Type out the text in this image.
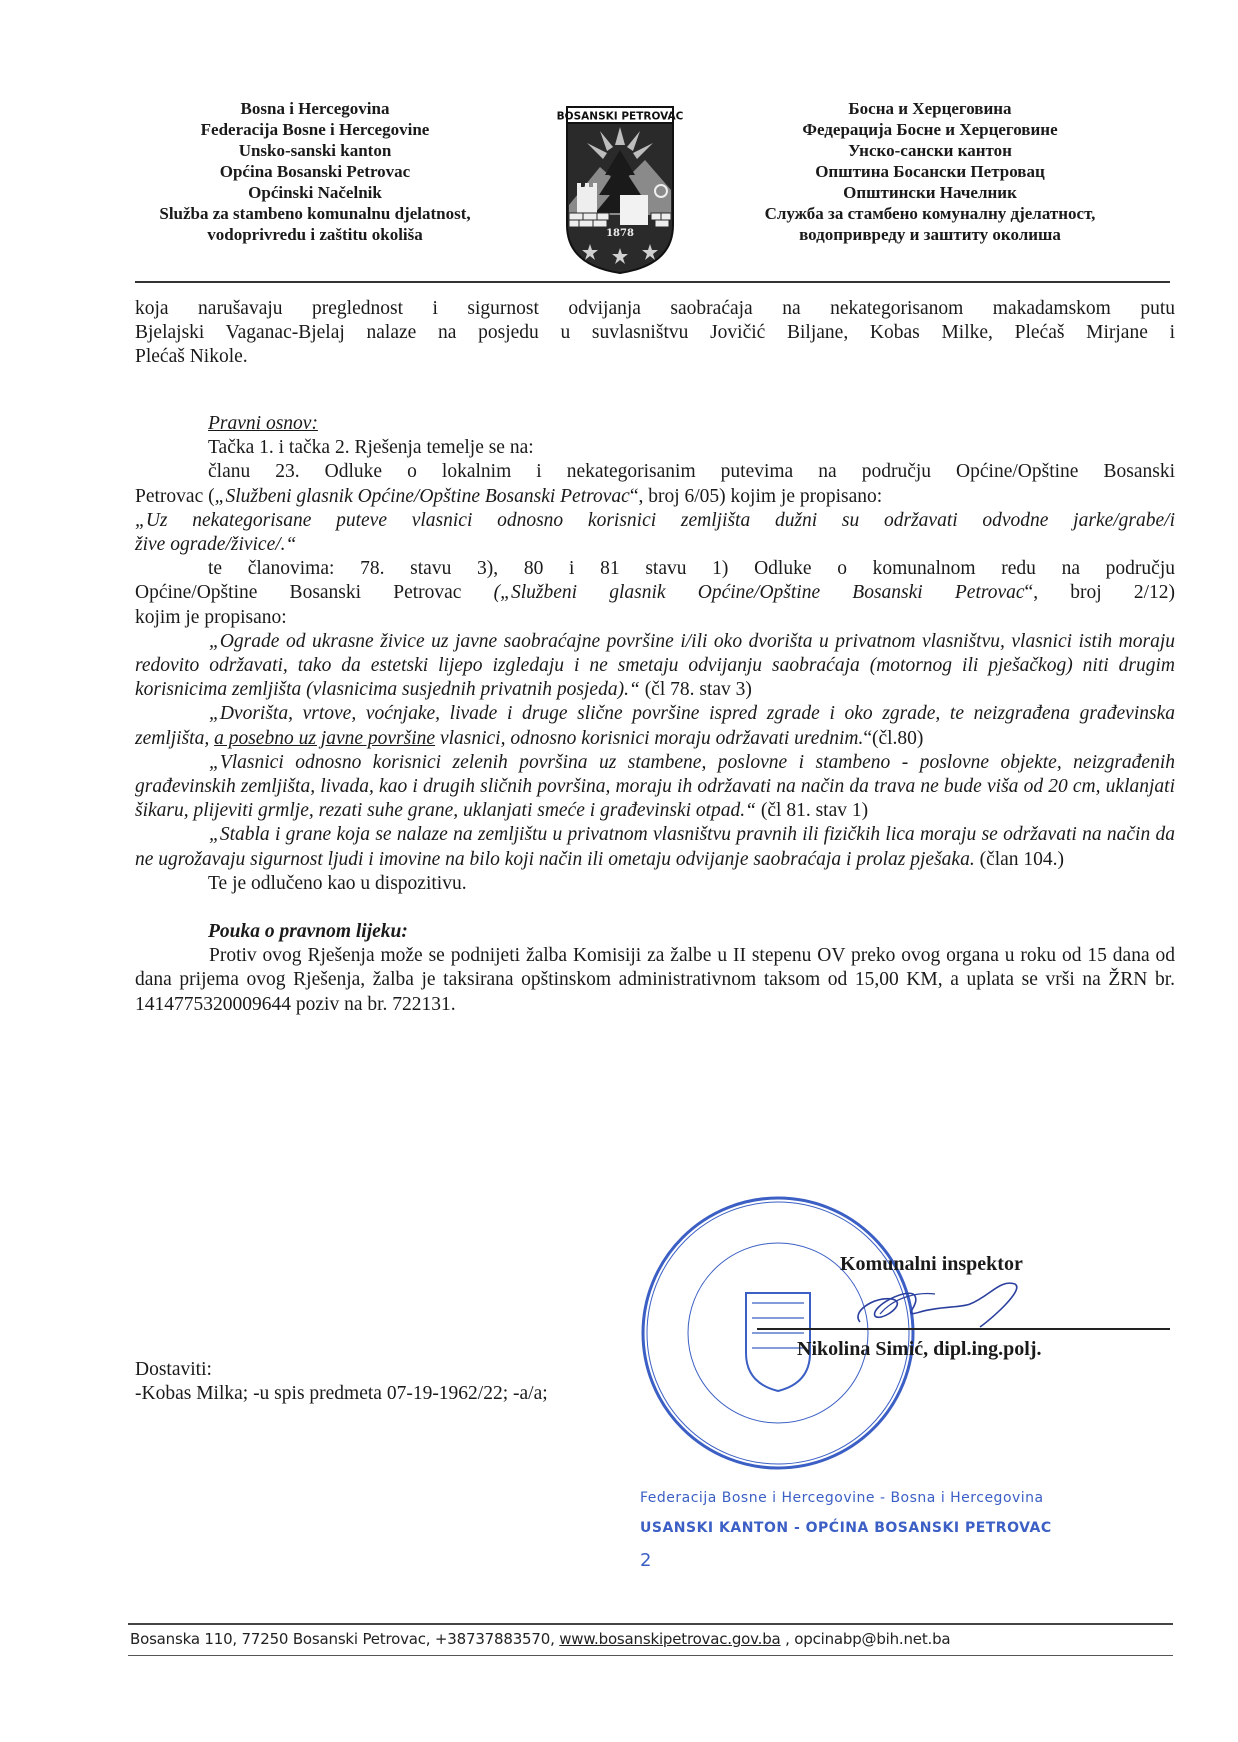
Bosna i Hercegovina
Federacija Bosne i Hercegovine
Unsko-sanski kanton
Općina Bosanski Petrovac
Općinski Načelnik
Služba za stambeno komunalnu djelatnost,
vodoprivredu i zaštitu okoliša
BOSANSKI PETROVAC
1878
Босна и Херцеговина
Федерација Босне и Херцеговине
Унско-сански кантон
Општина Босански Петровац
Општински Начелник
Служба за стамбено комуналну дјелатност,
водопривреду и заштиту околиша
koja narušavaju preglednost i sigurnost odvijanja saobraćaja na nekategorisanom makadamskom putu
Bjelajski Vaganac-Bjelaj nalaze na posjedu u suvlasništvu Jovičić Biljane, Kobas Milke, Plećaš Mirjane i
Plećaš Nikole.
Pravni osnov:
Tačka 1. i tačka 2. Rješenja temelje se na:
članu 23. Odluke o lokalnim i nekategorisanim putevima na području Općine/Opštine Bosanski
Petrovac („Službeni glasnik Općine/Opštine Bosanski Petrovac“, broj 6/05) kojim je propisano:
„Uz nekategorisane puteve vlasnici odnosno korisnici zemljišta dužni su održavati odvodne jarke/grabe/i
žive ograde/živice/.“
te članovima: 78. stavu 3), 80 i 81 stavu 1) Odluke o komunalnom redu na području
Općine/Opštine Bosanski Petrovac („Službeni glasnik Općine/Opštine Bosanski Petrovac“, broj 2/12)
kojim je propisano:
„Ograde od ukrasne živice uz javne saobraćajne površine i/ili oko dvorišta u privatnom vlasništvu, vlasnici istih moraju redovito održavati, tako da estetski lijepo izgledaju i ne smetaju odvijanju saobraćaja (motornog ili pješačkog) niti drugim korisnicima zemljišta (vlasnicima susjednih privatnih posjeda).“ (čl 78. stav 3)
„Dvorišta, vrtove, voćnjake, livade i druge slične površine ispred zgrade i oko zgrade, te neizgrađena građevinska zemljišta, a posebno uz javne površine vlasnici, odnosno korisnici moraju održavati urednim.“(čl.80)
„Vlasnici odnosno korisnici zelenih površina uz stambene, poslovne i stambeno - poslovne objekte, neizgrađenih građevinskih zemljišta, livada, kao i drugih sličnih površina, moraju ih održavati na način da trava ne bude viša od 20 cm, uklanjati šikaru, plijeviti grmlje, rezati suhe grane, uklanjati smeće i građevinski otpad.“ (čl 81. stav 1)
„Stabla i grane koja se nalaze na zemljištu u privatnom vlasništvu pravnih ili fizičkih lica moraju se održavati na način da ne ugrožavaju sigurnost ljudi i imovine na bilo koji način ili ometaju odvijanje saobraćaja i prolaz pješaka. (član 104.)
Te je odlučeno kao u dispozitivu.
Pouka o pravnom lijeku:
Protiv ovog Rješenja može se podnijeti žalba Komisiji za žalbe u II stepenu OV preko ovog organa u roku od 15 dana od dana prijema ovog Rješenja, žalba je taksirana opštinskom administrativnom taksom od 15,00 KM, a uplata se vrši na ŽRN br. 1414775320009644 poziv na br. 722131.
Federacija Bosne i Hercegovine - Bosna i Hercegovina
USANSKI KANTON - OPĆINA BOSANSKI PETROVAC
2
Komunalni inspektor
Nikolina Simić, dipl.ing.polj.
Dostaviti:
-Kobas Milka; -u spis predmeta 07-19-1962/22; -a/a;
Bosanska 110, 77250 Bosanski Petrovac, +38737883570, www.bosanskipetrovac.gov.ba , opcinabp@bih.net.ba
